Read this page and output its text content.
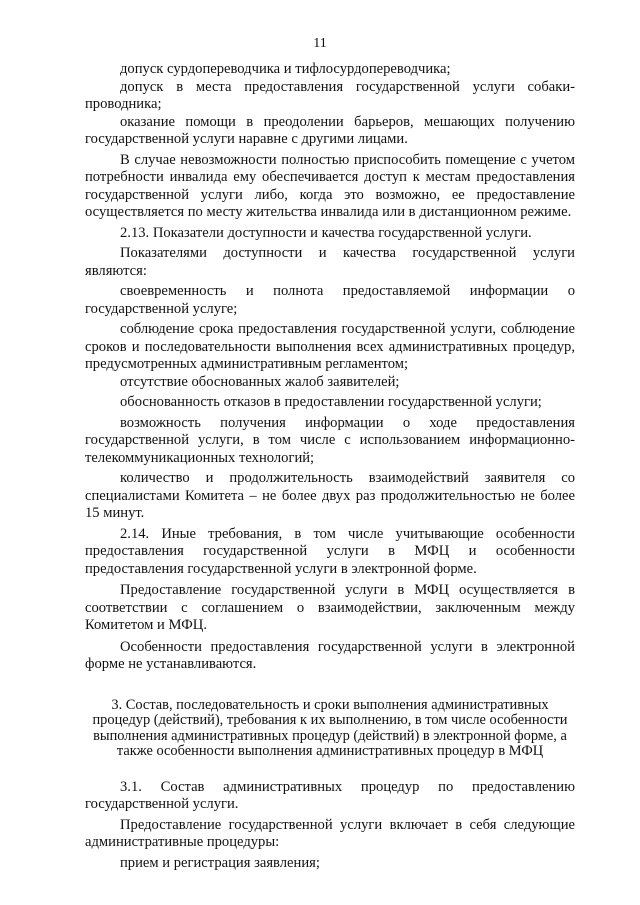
11

допуск сурдопереводчика и тифлосурдопереводчика;

допуск в места предоставления государственной услуги собаки-проводника;

оказание помощи в преодолении барьеров, мешающих получению государственной услуги наравне с другими лицами.

В случае невозможности полностью приспособить помещение с учетом потребности инвалида ему обеспечивается доступ к местам предоставления государственной услуги либо, когда это возможно, ее предоставление осуществляется по месту жительства инвалида или в дистанционном режиме.

2.13. Показатели доступности и качества государственной услуги.

Показателями доступности и качества государственной услуги являются:

своевременность и полнота предоставляемой информации о государственной услуге;

соблюдение срока предоставления государственной услуги, соблюдение сроков и последовательности выполнения всех административных процедур, предусмотренных административным регламентом;

отсутствие обоснованных жалоб заявителей;

обоснованность отказов в предоставлении государственной услуги;

возможность получения информации о ходе предоставления государственной услуги, в том числе с использованием информационно-телекоммуникационных технологий;

количество и продолжительность взаимодействий заявителя со специалистами Комитета – не более двух раз продолжительностью не более 15 минут.

2.14. Иные требования, в том числе учитывающие особенности предоставления государственной услуги в МФЦ и особенности предоставления государственной услуги в электронной форме.

Предоставление государственной услуги в МФЦ осуществляется в соответствии с соглашением о взаимодействии, заключенным между Комитетом и МФЦ.

Особенности предоставления государственной услуги в электронной форме не устанавливаются.

3. Состав, последовательность и сроки выполнения административных процедур (действий), требования к их выполнению, в том числе особенности выполнения административных процедур (действий) в электронной форме, а также особенности выполнения административных процедур в МФЦ

3.1. Состав административных процедур по предоставлению государственной услуги.

Предоставление государственной услуги включает в себя следующие административные процедуры:

прием и регистрация заявления;
